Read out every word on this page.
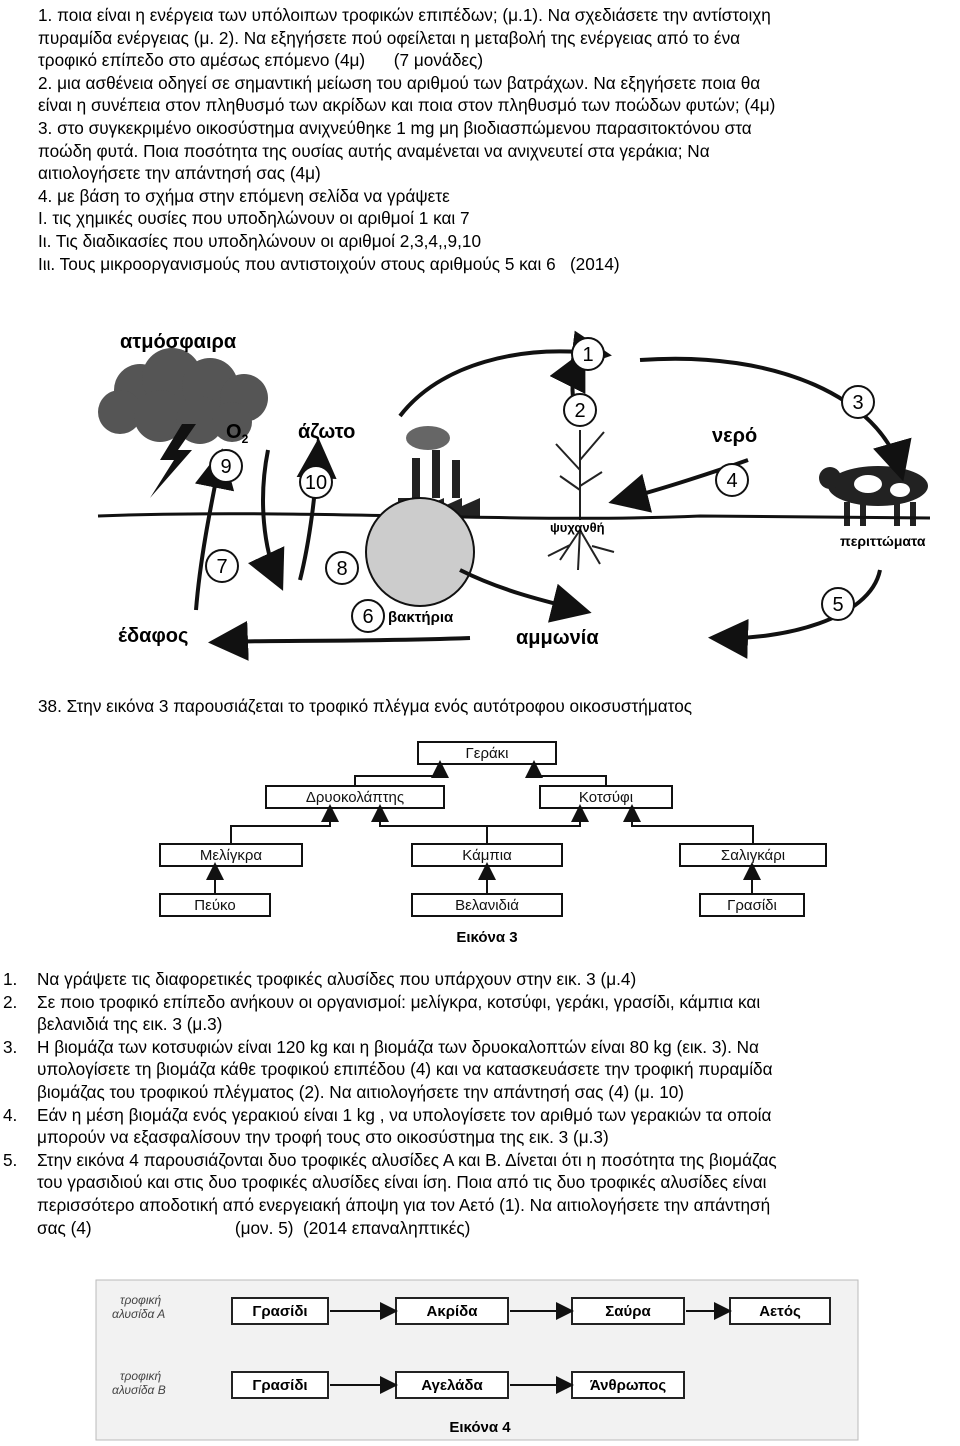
1. ποια είναι η ενέργεια των υπόλοιπων τροφικών επιπέδων; (μ.1). Να σχεδιάσετε την αντίστοιχη

πυραμίδα ενέργειας (μ. 2). Να εξηγήσετε πού οφείλεται η μεταβολή της ενέργειας από το ένα

τροφικό επίπεδο στο αμέσως επόμενο (4μ)      (7 μονάδες)

2. μια ασθένεια οδηγεί σε σημαντική μείωση του αριθμού των βατράχων. Να εξηγήσετε ποια θα

είναι η συνέπεια στον πληθυσμό των ακρίδων και ποια στον πληθυσμό των ποώδων φυτών; (4μ)

3. στο συγκεκριμένο οικοσύστημα ανιχνεύθηκε 1 mg μη βιοδιασπώμενου παρασιτοκτόνου στα

ποώδη φυτά. Ποια ποσότητα της ουσίας αυτής αναμένεται να ανιχνευτεί στα γεράκια; Να

αιτιολογήσετε την απάντησή σας (4μ)

4. με βάση το σχήμα στην επόμενη σελίδα να γράψετε

I. τις χημικές ουσίες που υποδηλώνουν οι αριθμοί 1 και 7

Iι. Τις διαδικασίες που υποδηλώνουν οι αριθμοί 2,3,4,,9,10

Iιι. Τους μικροοργανισμούς που αντιστοιχούν στους αριθμούς 5 και 6   (2014)

ατμόσφαιρα
$O_2$ άζωτο	νερό
ψυχανθή
περιττώματα
βακτήρια
έδαφος	αμμωνία
1
2	3
4
5
6
7	8
9
10
38. Στην εικόνα 3 παρουσιάζεται το τροφικό πλέγμα ενός αυτότροφου οικοσυστήματος
Γεράκι
Δρυοκολάπτης	Κοτσύφι
Μελίγκρα	Κάμπια	Σαλιγκάρι
Πεύκο	Βελανιδιά	Γρασίδι
Εικόνα 3
1.	Να γράψετε τις διαφορετικές τροφικές αλυσίδες που υπάρχουν στην εικ. 3 (μ.4)
2.	Σε ποιο τροφικό επίπεδο ανήκουν οι οργανισμοί: μελίγκρα, κοτσύφι, γεράκι, γρασίδι, κάμπια και
βελανιδιά της εικ. 3 (μ.3)
3.	Η βιομάζα των κοτσυφιών είναι 120 kg και η βιομάζα των δρυοκαλοπτών είναι 80 kg (εικ. 3). Να
υπολογίσετε τη βιομάζα κάθε τροφικού επιπέδου (4) και να κατασκευάσετε την τροφική πυραμίδα
βιομάζας του τροφικού πλέγματος (2). Να αιτιολογήσετε την απάντησή σας (4) (μ. 10)
4.	Εάν η μέση βιομάζα ενός γερακιού είναι 1 kg , να υπολογίσετε τον αριθμό των γερακιών τα οποία
μπορούν να εξασφαλίσουν την τροφή τους στο οικοσύστημα της εικ. 3 (μ.3)
5.	Στην εικόνα 4 παρουσιάζονται δυο τροφικές αλυσίδες Α και Β. Δίνεται ότι η ποσότητα της βιομάζας
του γρασιδιού και στις δυο τροφικές αλυσίδες είναι ίση. Ποια από τις δυο τροφικές αλυσίδες είναι
περισσότερο αποδοτική από ενεργειακή άποψη για τον Αετό (1). Να αιτιολογήσετε την απάντησή
σας (4)                              (μον. 5)  (2014 επαναληπτικές)
τροφική αλυσίδα Α
τροφική αλυσίδα Β
Γρασίδι	Ακρίδα	Σαύρα	Αετός
Γρασίδι	Αγελάδα	Άνθρωπος
Εικόνα 4
